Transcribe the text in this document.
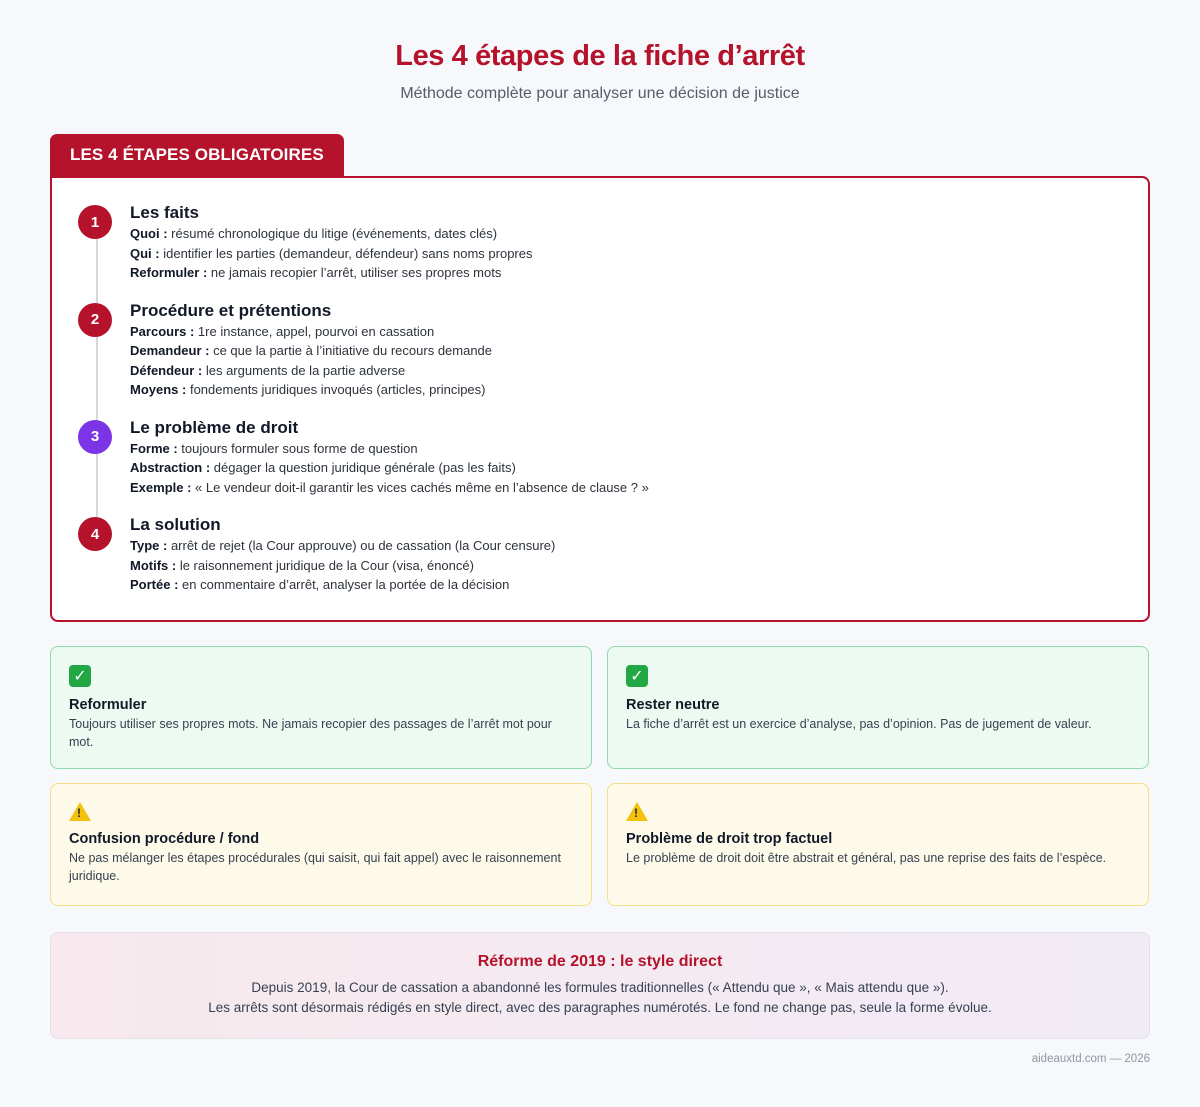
Les 4 étapes de la fiche d’arrêt

Méthode complète pour analyser une décision de justice

LES 4 ÉTAPES OBLIGATOIRES
1	Les faits
Quoi : résumé chronologique du litige (événements, dates clés)
Qui : identifier les parties (demandeur, défendeur) sans noms propres
Reformuler : ne jamais recopier l’arrêt, utiliser ses propres mots
2	Procédure et prétentions
Parcours : 1re instance, appel, pourvoi en cassation
Demandeur : ce que la partie à l’initiative du recours demande
Défendeur : les arguments de la partie adverse
Moyens : fondements juridiques invoqués (articles, principes)
3	Le problème de droit
Forme : toujours formuler sous forme de question
Abstraction : dégager la question juridique générale (pas les faits)
Exemple : « Le vendeur doit-il garantir les vices cachés même en l’absence de clause ? »
4	La solution
Type : arrêt de rejet (la Cour approuve) ou de cassation (la Cour censure)
Motifs : le raisonnement juridique de la Cour (visa, énoncé)
Portée : en commentaire d’arrêt, analyser la portée de la décision
✓
Reformuler
Toujours utiliser ses propres mots. Ne jamais recopier des passages de l’arrêt mot pour mot.
✓
Rester neutre
La fiche d’arrêt est un exercice d’analyse, pas d’opinion. Pas de jugement de valeur.
!
Confusion procédure / fond
Ne pas mélanger les étapes procédurales (qui saisit, qui fait appel) avec le raisonnement juridique.
!
Problème de droit trop factuel
Le problème de droit doit être abstrait et général, pas une reprise des faits de l’espèce.
Réforme de 2019 : le style direct
Depuis 2019, la Cour de cassation a abandonné les formules traditionnelles (« Attendu que », « Mais attendu que »).
Les arrêts sont désormais rédigés en style direct, avec des paragraphes numérotés. Le fond ne change pas, seule la forme évolue.
aideauxtd.com — 2026
